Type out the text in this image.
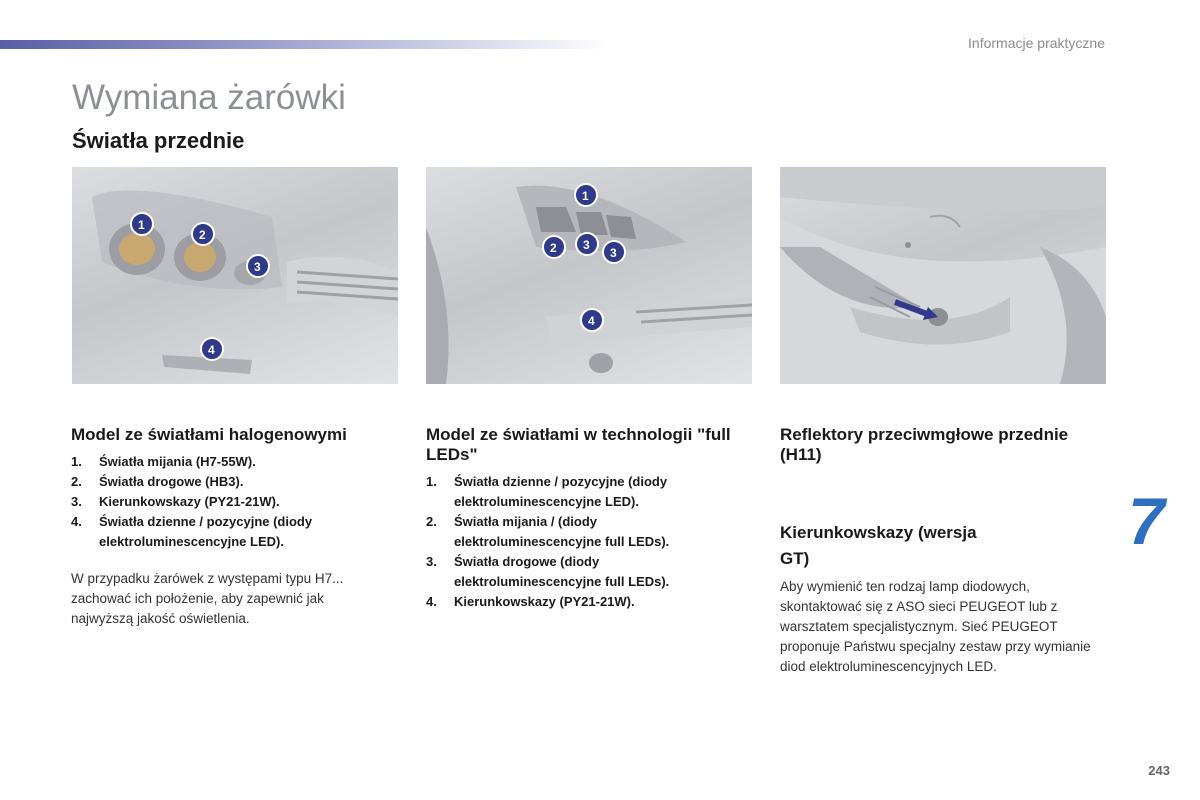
Informacje praktyczne
Wymiana żarówki
Światła przednie
1
2
3
4
1
2 3
3
4
Model ze światłami halogenowymi
1. Światła mijania (H7-55W).
2. Światła drogowe (HB3).
3. Kierunkowskazy (PY21-21W).
4. Światła dzienne / pozycyjne (diody elektroluminescencyjne LED).
W przypadku żarówek z występami typu H7... zachować ich położenie, aby zapewnić jak najwyższą jakość oświetlenia.
Model ze światłami w technologii "full LEDs"
1. Światła dzienne / pozycyjne (diody elektroluminescencyjne LED).
2. Światła mijania / (diody elektroluminescencyjne full LEDs).
3. Światła drogowe (diody elektroluminescencyjne full LEDs).
4. Kierunkowskazy (PY21-21W).
Reflektory przeciwmgłowe przednie (H11)
Kierunkowskazy (wersja GT)
Aby wymienić ten rodzaj lamp diodowych, skontaktować się z ASO sieci PEUGEOT lub z warsztatem specjalistycznym. Sieć PEUGEOT proponuje Państwu specjalny zestaw przy wymianie diod elektroluminescencyjnych LED.
7
243
